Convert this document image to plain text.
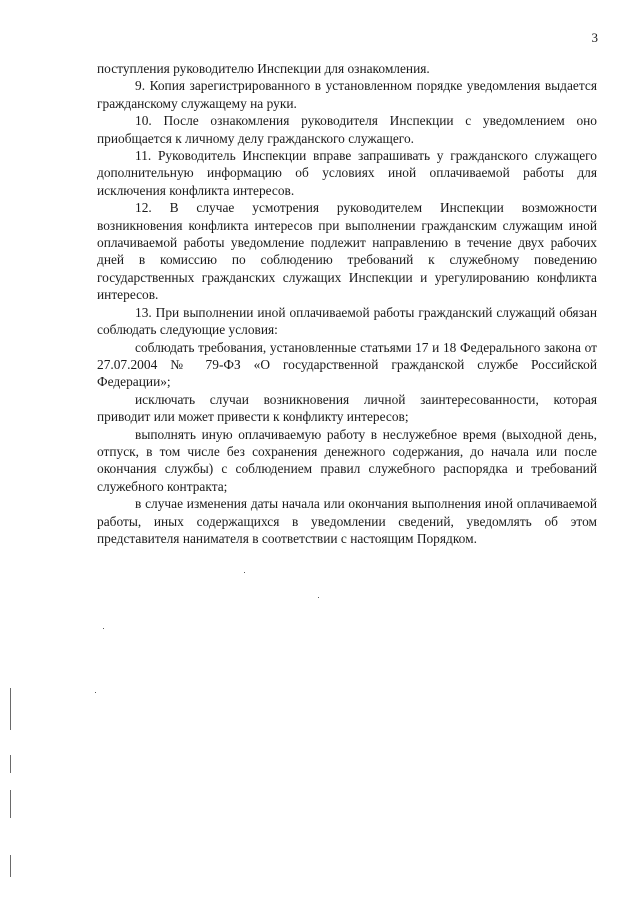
3

поступления руководителю Инспекции для ознакомления.

9. Копия зарегистрированного в установленном порядке уведомления выдается гражданскому служащему на руки.

10. После ознакомления руководителя Инспекции с уведомлением оно приобщается к личному делу гражданского служащего.

11. Руководитель Инспекции вправе запрашивать у гражданского служащего дополнительную информацию об условиях иной оплачиваемой работы для исключения конфликта интересов.

12. В случае усмотрения руководителем Инспекции возможности возникновения конфликта интересов при выполнении гражданским служащим иной оплачиваемой работы уведомление подлежит направлению в течение двух рабочих дней в комиссию по соблюдению требований к служебному поведению государственных гражданских служащих Инспекции и урегулированию конфликта интересов.

13. При выполнении иной оплачиваемой работы гражданский служащий обязан соблюдать следующие условия:

соблюдать требования, установленные статьями 17 и 18 Федерального закона от 27.07.2004 № 79-ФЗ «О государственной гражданской службе Российской Федерации»;

исключать случаи возникновения личной заинтересованности, которая приводит или может привести к конфликту интересов;

выполнять иную оплачиваемую работу в неслужебное время (выходной день, отпуск, в том числе без сохранения денежного содержания, до начала или после окончания службы) с соблюдением правил служебного распорядка и требований служебного контракта;

в случае изменения даты начала или окончания выполнения иной оплачиваемой работы, иных содержащихся в уведомлении сведений, уведомлять об этом представителя нанимателя в соответствии с настоящим Порядком.
